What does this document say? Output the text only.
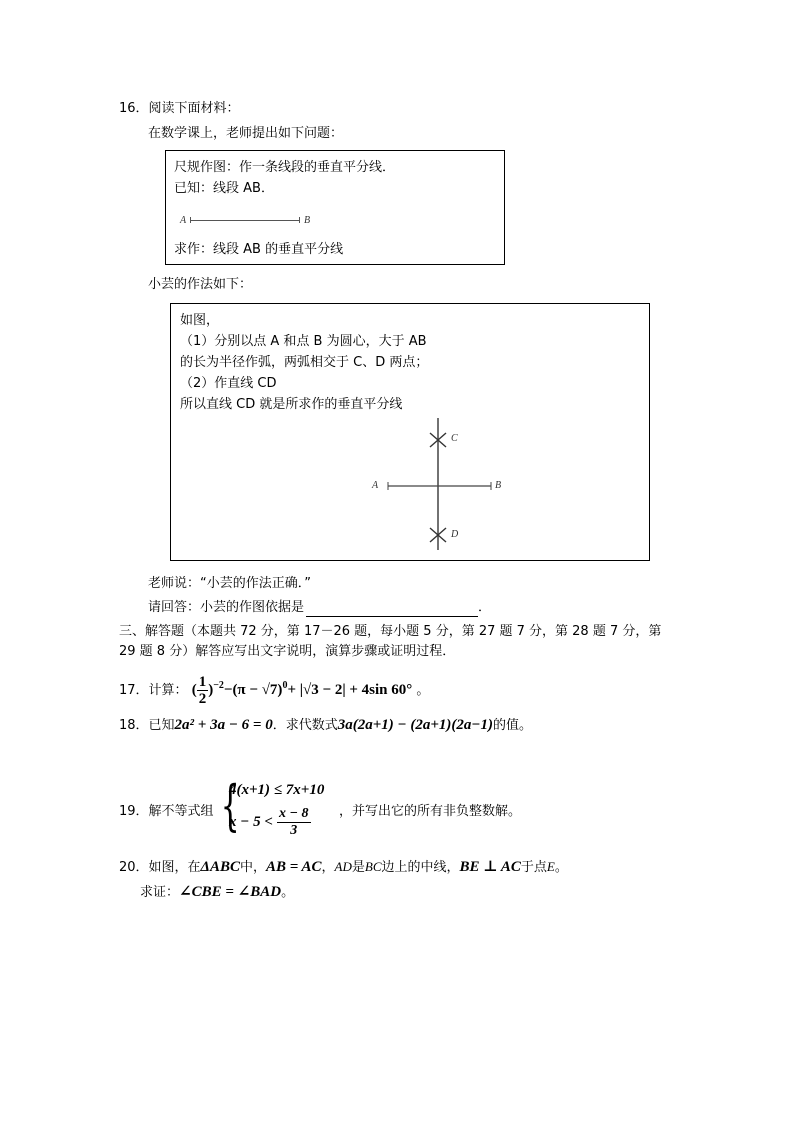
16．阅读下面材料：
在数学课上，老师提出如下问题：
尺规作图：作一条线段的垂直平分线．
已知：线段 AB．
A	B
求作：线段 AB 的垂直平分线
小芸的作法如下：
如图，
（1）分别以点 A 和点 B 为圆心，大于 AB
的长为半径作弧，两弧相交于 C、D 两点；
（2）作直线 CD
所以直线 CD 就是所求作的垂直平分线
A	B
C
D
老师说：“小芸的作法正确．”
请回答：小芸的作图依据是	．
三、解答题（本题共 72 分，第 17－26 题，每小题 5 分，第 27 题 7 分，第 28 题 7 分，第
29 题 8 分）解答应写出文字说明，演算步骤或证明过程．
17．计算： ( $\frac{1}{2} )^{-2}-(\pi - √7)^0+ |√3 - 2| + 4\sin$ 60° 。
18．已知2a² + 3a − 6 = 0．求代数式3a(2a+1) − (2a+1)(2a−1)的值。
19．解不等式组 {
4(x+1) ≤ 7x+10
$x - 5 < \frac{x - 8}{3}$ ，并写出它的所有非负整数解。
20．如图，在ΔABC中，AB = AC，AD是BC边上的中线，BE ⊥ AC于点E。
求证：∠CBE = ∠BAD。
